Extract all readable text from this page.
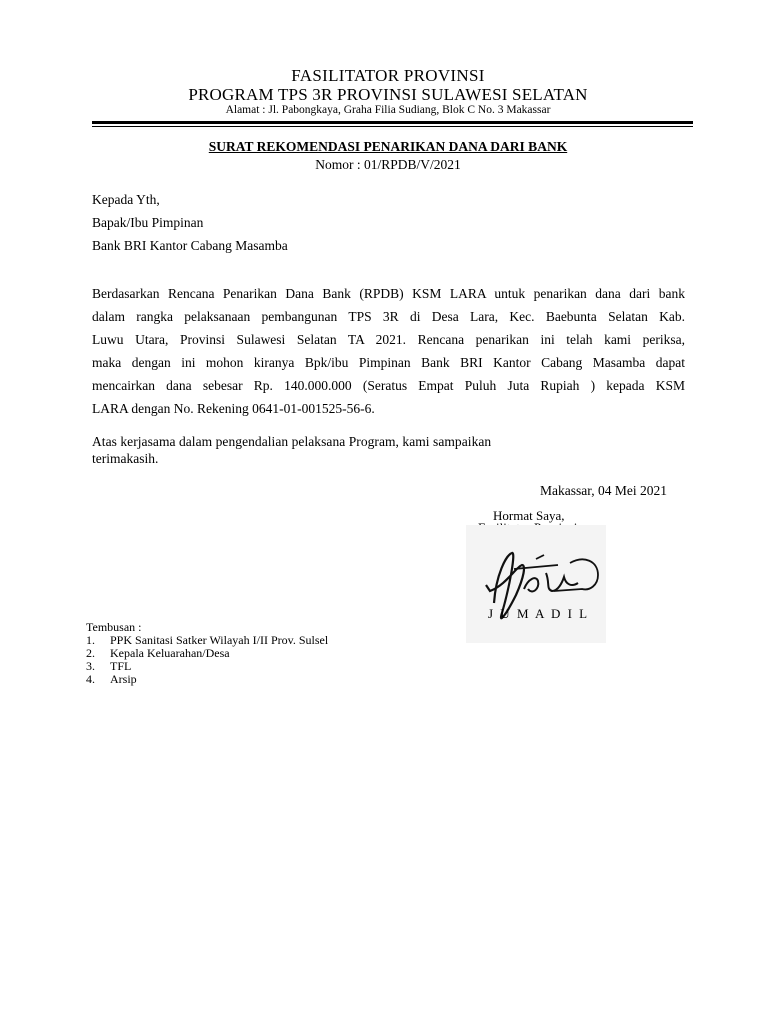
FASILITATOR PROVINSI
PROGRAM TPS 3R PROVINSI SULAWESI SELATAN
Alamat : Jl. Pabongkaya, Graha Filia Sudiang, Blok C No. 3 Makassar
SURAT REKOMENDASI PENARIKAN DANA DARI BANK
Nomor : 01/RPDB/V/2021
Kepada Yth,
Bapak/Ibu Pimpinan
Bank BRI Kantor Cabang Masamba
Berdasarkan Rencana Penarikan Dana Bank (RPDB) KSM LARA untuk penarikan dana dari bank
dalam rangka pelaksanaan pembangunan TPS 3R di Desa Lara, Kec. Baebunta Selatan Kab.
Luwu Utara, Provinsi Sulawesi Selatan TA 2021. Rencana penarikan ini telah kami periksa,
maka dengan ini mohon kiranya Bpk/ibu Pimpinan Bank BRI Kantor Cabang Masamba dapat
mencairkan dana sebesar Rp. 140.000.000 (Seratus Empat Puluh Juta Rupiah ) kepada KSM
LARA dengan No. Rekening 0641-01-001525-56-6.
Atas kerjasama dalam pengendalian pelaksana Program, kami sampaikan
terimakasih.
Makassar, 04 Mei 2021
Hormat Saya,
J U M A D I L
Tembusan :
1. PPK Sanitasi Satker Wilayah I/II Prov. Sulsel
2. Kepala Keluarahan/Desa
3. TFL
4. Arsip
